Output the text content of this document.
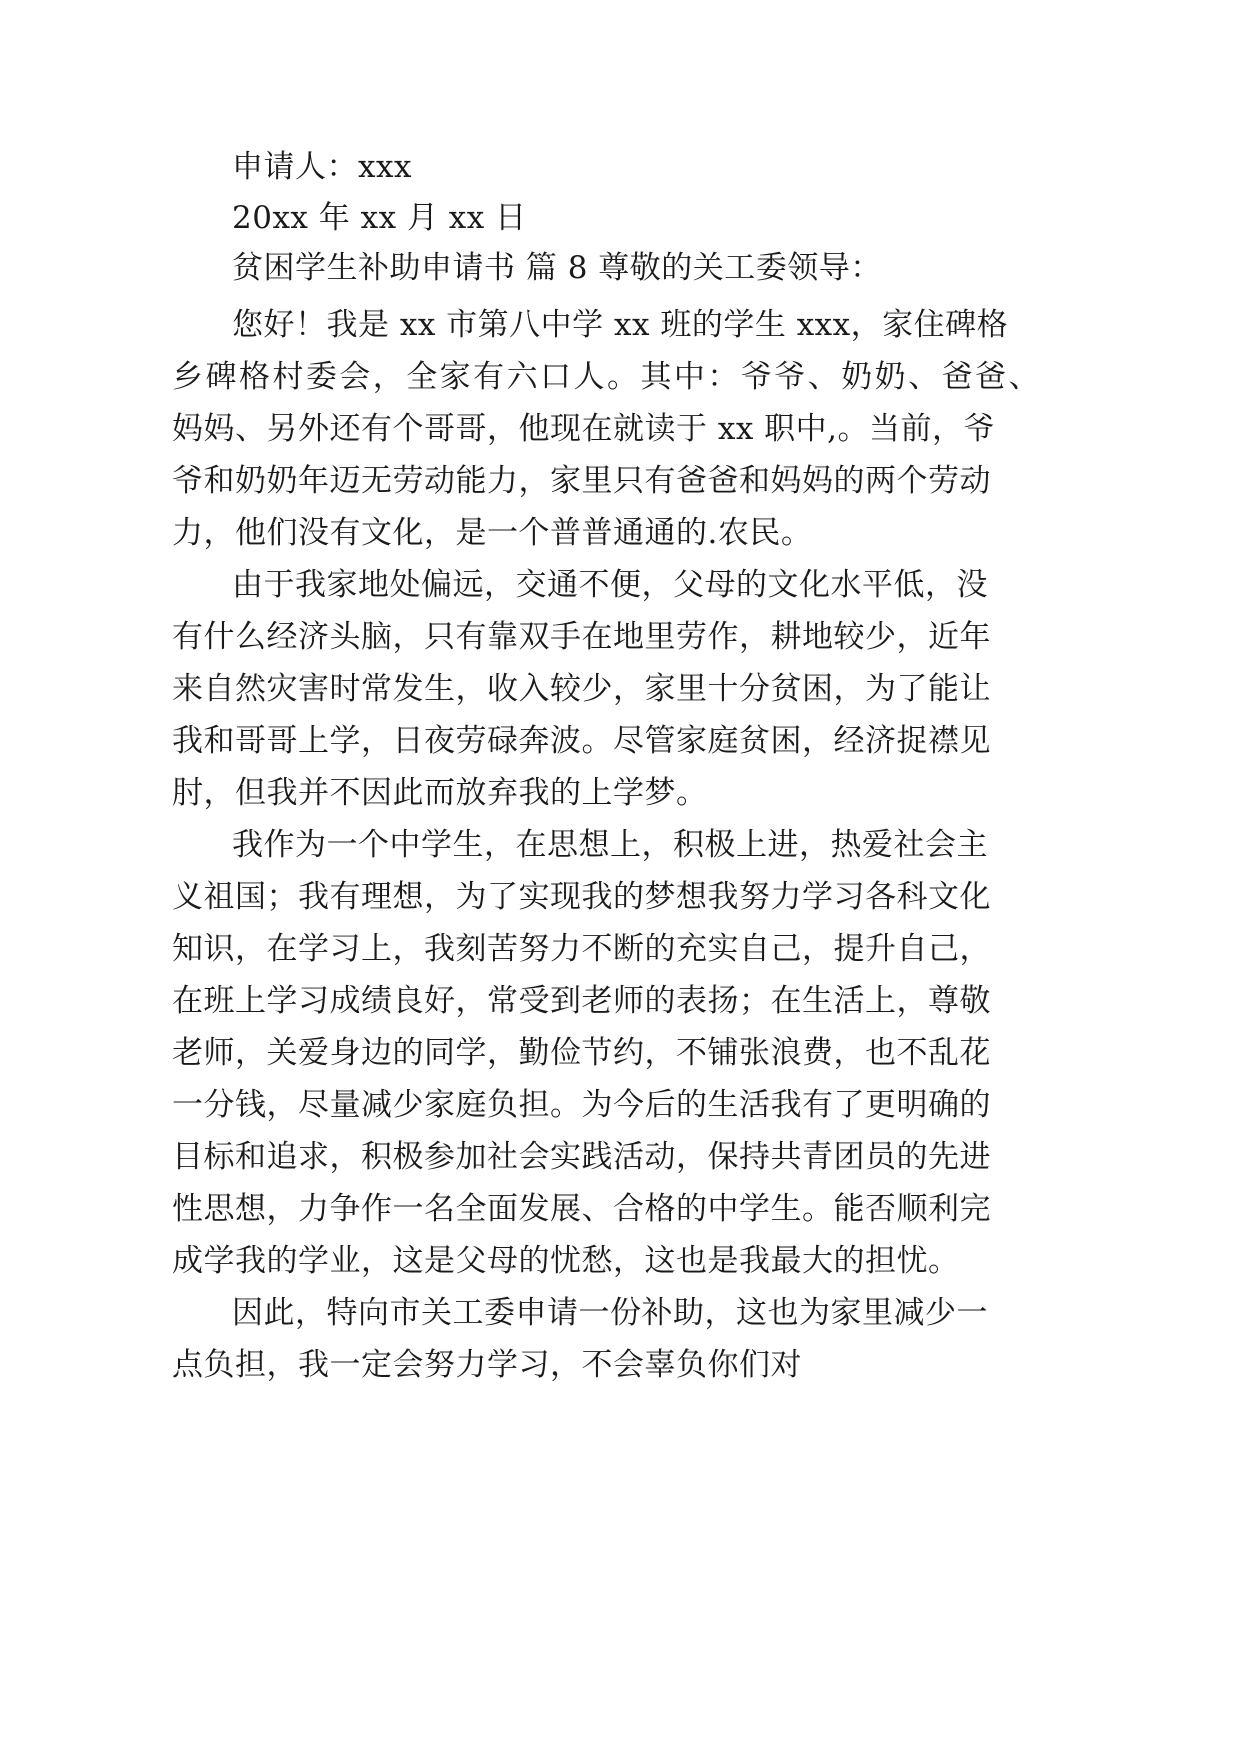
申请人：xxx
20xx 年 xx 月 xx 日
贫困学生补助申请书 篇 8 尊敬的关工委领导：
您好！我是 xx 市第八中学 xx 班的学生 xxx，家住碑格
乡碑格村委会，全家有六口人。其中：爷爷、奶奶、爸爸、
妈妈、另外还有个哥哥，他现在就读于 xx 职中,。当前，爷
爷和奶奶年迈无劳动能力，家里只有爸爸和妈妈的两个劳动
力，他们没有文化，是一个普普通通的.农民。
由于我家地处偏远，交通不便，父母的文化水平低，没
有什么经济头脑，只有靠双手在地里劳作，耕地较少，近年
来自然灾害时常发生，收入较少，家里十分贫困，为了能让
我和哥哥上学，日夜劳碌奔波。尽管家庭贫困，经济捉襟见
肘，但我并不因此而放弃我的上学梦。
我作为一个中学生，在思想上，积极上进，热爱社会主
义祖国；我有理想，为了实现我的梦想我努力学习各科文化
知识，在学习上，我刻苦努力不断的充实自己，提升自己，
在班上学习成绩良好，常受到老师的表扬；在生活上，尊敬
老师，关爱身边的同学，勤俭节约，不铺张浪费，也不乱花
一分钱，尽量减少家庭负担。为今后的生活我有了更明确的
目标和追求，积极参加社会实践活动，保持共青团员的先进
性思想，力争作一名全面发展、合格的中学生。能否顺利完
成学我的学业，这是父母的忧愁，这也是我最大的担忧。
因此，特向市关工委申请一份补助，这也为家里减少一
点负担，我一定会努力学习，不会辜负你们对
